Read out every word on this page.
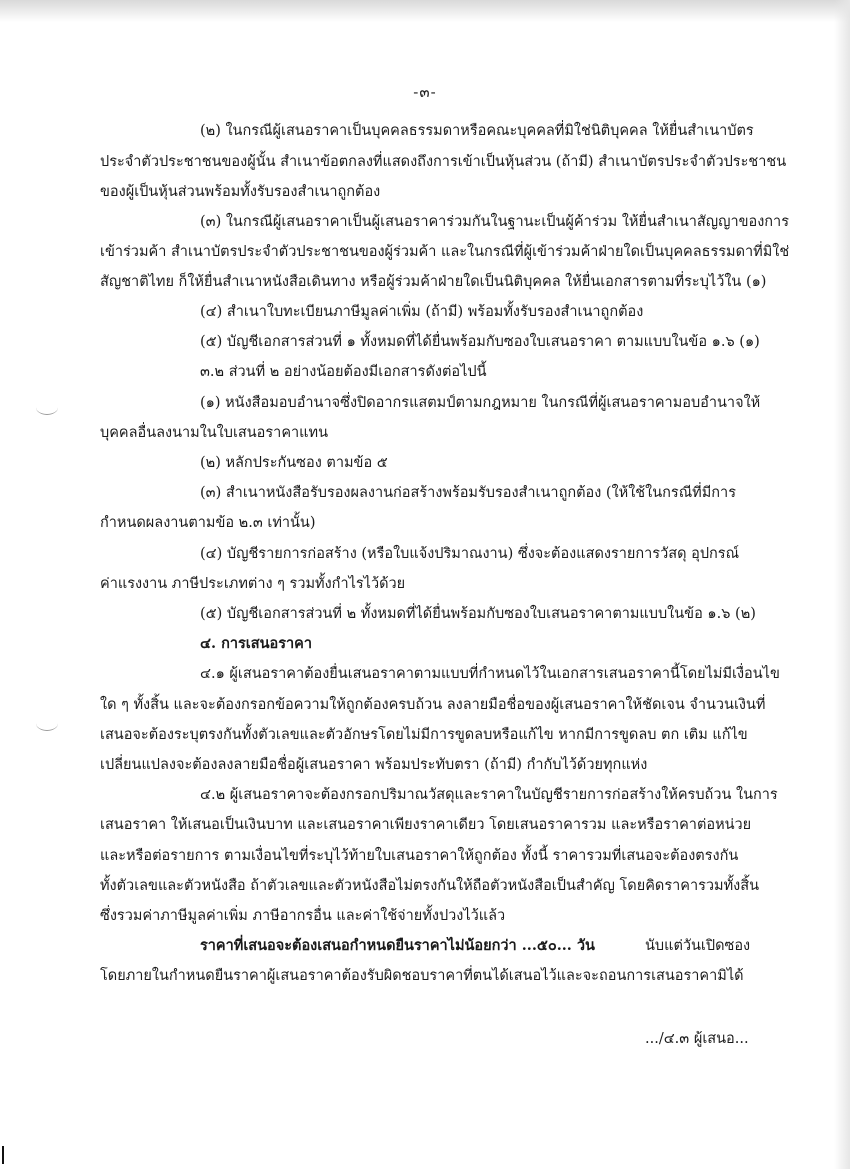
-๓-
(๒) ในกรณีผู้เสนอราคาเป็นบุคคลธรรมดาหรือคณะบุคคลที่มิใช่นิติบุคคล ให้ยื่นสำเนาบัตร
ประจำตัวประชาชนของผู้นั้น สำเนาข้อตกลงที่แสดงถึงการเข้าเป็นหุ้นส่วน (ถ้ามี) สำเนาบัตรประจำตัวประชาชน
ของผู้เป็นหุ้นส่วนพร้อมทั้งรับรองสำเนาถูกต้อง
(๓) ในกรณีผู้เสนอราคาเป็นผู้เสนอราคาร่วมกันในฐานะเป็นผู้ค้าร่วม ให้ยื่นสำเนาสัญญาของการ
เข้าร่วมค้า สำเนาบัตรประจำตัวประชาชนของผู้ร่วมค้า และในกรณีที่ผู้เข้าร่วมค้าฝ่ายใดเป็นบุคคลธรรมดาที่มิใช่
สัญชาติไทย ก็ให้ยื่นสำเนาหนังสือเดินทาง หรือผู้ร่วมค้าฝ่ายใดเป็นนิติบุคคล ให้ยื่นเอกสารตามที่ระบุไว้ใน (๑)
(๔) สำเนาใบทะเบียนภาษีมูลค่าเพิ่ม (ถ้ามี) พร้อมทั้งรับรองสำเนาถูกต้อง
(๕) บัญชีเอกสารส่วนที่ ๑ ทั้งหมดที่ได้ยื่นพร้อมกับซองใบเสนอราคา ตามแบบในข้อ ๑.๖ (๑)
๓.๒ ส่วนที่ ๒ อย่างน้อยต้องมีเอกสารดังต่อไปนี้
(๑) หนังสือมอบอำนาจซึ่งปิดอากรแสตมป์ตามกฎหมาย ในกรณีที่ผู้เสนอราคามอบอำนาจให้
บุคคลอื่นลงนามในใบเสนอราคาแทน
(๒) หลักประกันซอง ตามข้อ ๕
(๓) สำเนาหนังสือรับรองผลงานก่อสร้างพร้อมรับรองสำเนาถูกต้อง (ให้ใช้ในกรณีที่มีการ
กำหนดผลงานตามข้อ ๒.๓ เท่านั้น)
(๔) บัญชีรายการก่อสร้าง (หรือใบแจ้งปริมาณงาน) ซึ่งจะต้องแสดงรายการวัสดุ อุปกรณ์
ค่าแรงงาน ภาษีประเภทต่าง ๆ รวมทั้งกำไรไว้ด้วย
(๕) บัญชีเอกสารส่วนที่ ๒ ทั้งหมดที่ได้ยื่นพร้อมกับซองใบเสนอราคาตามแบบในข้อ ๑.๖ (๒)
๔. การเสนอราคา
๔.๑ ผู้เสนอราคาต้องยื่นเสนอราคาตามแบบที่กำหนดไว้ในเอกสารเสนอราคานี้โดยไม่มีเงื่อนไข
ใด ๆ ทั้งสิ้น และจะต้องกรอกข้อความให้ถูกต้องครบถ้วน ลงลายมือชื่อของผู้เสนอราคาให้ชัดเจน จำนวนเงินที่
เสนอจะต้องระบุตรงกันทั้งตัวเลขและตัวอักษรโดยไม่มีการขูดลบหรือแก้ไข หากมีการขูดลบ ตก เติม แก้ไข
เปลี่ยนแปลงจะต้องลงลายมือชื่อผู้เสนอราคา พร้อมประทับตรา (ถ้ามี) กำกับไว้ด้วยทุกแห่ง
๔.๒ ผู้เสนอราคาจะต้องกรอกปริมาณวัสดุและราคาในบัญชีรายการก่อสร้างให้ครบถ้วน ในการ
เสนอราคา ให้เสนอเป็นเงินบาท และเสนอราคาเพียงราคาเดียว โดยเสนอราคารวม และหรือราคาต่อหน่วย
และหรือต่อรายการ ตามเงื่อนไขที่ระบุไว้ท้ายใบเสนอราคาให้ถูกต้อง ทั้งนี้ ราคารวมที่เสนอจะต้องตรงกัน
ทั้งตัวเลขและตัวหนังสือ ถ้าตัวเลขและตัวหนังสือไม่ตรงกันให้ถือตัวหนังสือเป็นสำคัญ โดยคิดราคารวมทั้งสิ้น
ซึ่งรวมค่าภาษีมูลค่าเพิ่ม ภาษีอากรอื่น และค่าใช้จ่ายทั้งปวงไว้แล้ว
ราคาที่เสนอจะต้องเสนอกำหนดยืนราคาไม่น้อยกว่า ...๕๐... วัน	นับแต่วันเปิดซอง
โดยภายในกำหนดยืนราคาผู้เสนอราคาต้องรับผิดชอบราคาที่ตนได้เสนอไว้และจะถอนการเสนอราคามิได้
.../๔.๓ ผู้เสนอ...
